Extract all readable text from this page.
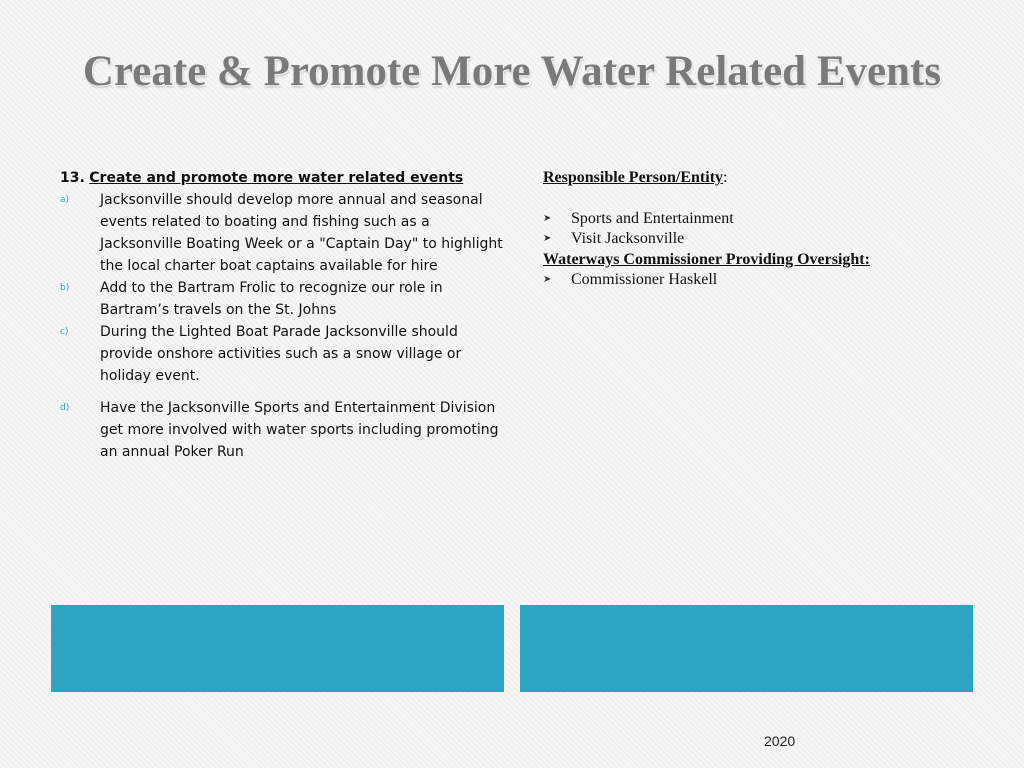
Create & Promote More Water Related Events

13. Create and promote more water related events

a) Jacksonville should develop more annual and seasonal events related to boating and fishing such as a Jacksonville Boating Week or a "Captain Day" to highlight the local charter boat captains available for hire
b) Add to the Bartram Frolic to recognize our role in Bartram’s travels on the St. Johns
c) During the Lighted Boat Parade Jacksonville should provide onshore activities such as a snow village or holiday event.
d) Have the Jacksonville Sports and Entertainment Division get more involved with water sports including promoting an annual Poker Run

Responsible Person/Entity:

➤ Sports and Entertainment
➤ Visit Jacksonville

Waterways Commissioner Providing Oversight:

➤ Commissioner Haskell
2020
